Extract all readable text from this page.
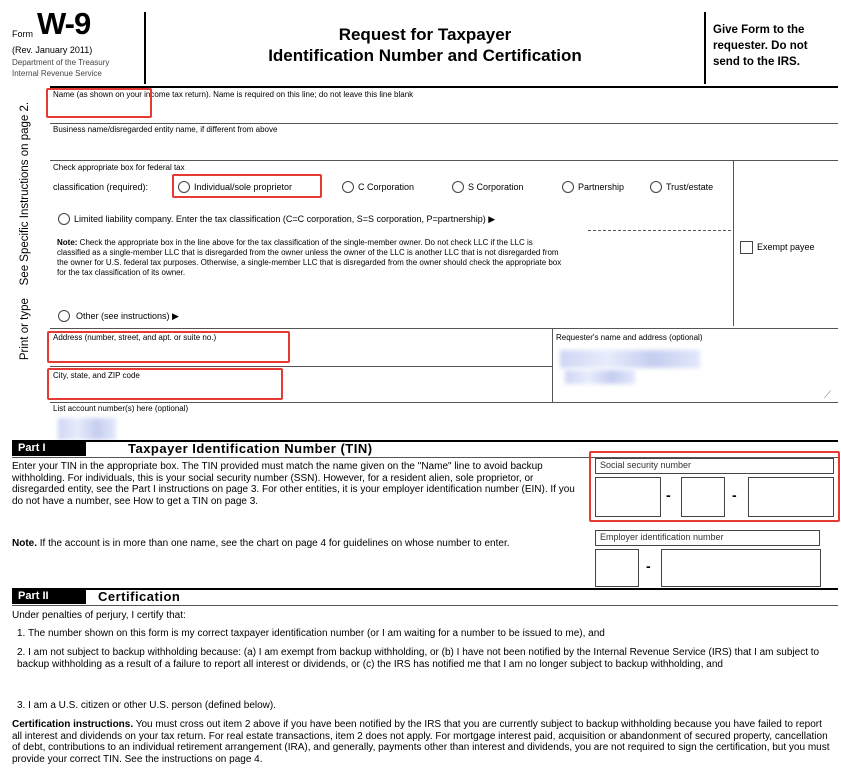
Form W-9
(Rev. January 2011)
Department of the Treasury
Internal Revenue Service
Request for Taxpayer
Identification Number and Certification
Give Form to the requester. Do not send to the IRS.
Print or type    See Specific Instructions on page 2.
Name (as shown on your income tax return). Name is required on this line; do not leave this line blank
Business name/disregarded entity name, if different from above
Check appropriate box for federal tax
classification (required):	Individual/sole proprietor	C Corporation	S Corporation	Partnership	Trust/estate
Limited liability company. Enter the tax classification (C=C corporation, S=S corporation, P=partnership) ▶
Note: Check the appropriate box in the line above for the tax classification of the single-member owner. Do not check LLC if the LLC is classified as a single-member LLC that is disregarded from the owner unless the owner of the LLC is another LLC that is not disregarded from the owner for U.S. federal tax purposes. Otherwise, a single-member LLC that is disregarded from the owner should check the appropriate box for the tax classification of its owner.
Exempt payee
Other (see instructions) ▶
Address (number, street, and apt. or suite no.)	Requester's name and address (optional)
⟋
City, state, and ZIP code
List account number(s) here (optional)
Part I	Taxpayer Identification Number (TIN)
Enter your TIN in the appropriate box. The TIN provided must match the name given on the "Name" line to avoid backup withholding. For individuals, this is your social security number (SSN). However, for a resident alien, sole proprietor, or disregarded entity, see the Part I instructions on page 3. For other entities, it is your employer identification number (EIN). If you do not have a number, see How to get a TIN on page 3.
Note. If the account is in more than one name, see the chart on page 4 for guidelines on whose number to enter.
Social security number
-	-
Employer identification number
-
Part II	Certification
Under penalties of perjury, I certify that:
1. The number shown on this form is my correct taxpayer identification number (or I am waiting for a number to be issued to me), and
2. I am not subject to backup withholding because: (a) I am exempt from backup withholding, or (b) I have not been notified by the Internal Revenue Service (IRS) that I am subject to backup withholding as a result of a failure to report all interest or dividends, or (c) the IRS has notified me that I am no longer subject to backup withholding, and
3. I am a U.S. citizen or other U.S. person (defined below).
Certification instructions. You must cross out item 2 above if you have been notified by the IRS that you are currently subject to backup withholding because you have failed to report all interest and dividends on your tax return. For real estate transactions, item 2 does not apply. For mortgage interest paid, acquisition or abandonment of secured property, cancellation of debt, contributions to an individual retirement arrangement (IRA), and generally, payments other than interest and dividends, you are not required to sign the certification, but you must provide your correct TIN. See the instructions on page 4.
